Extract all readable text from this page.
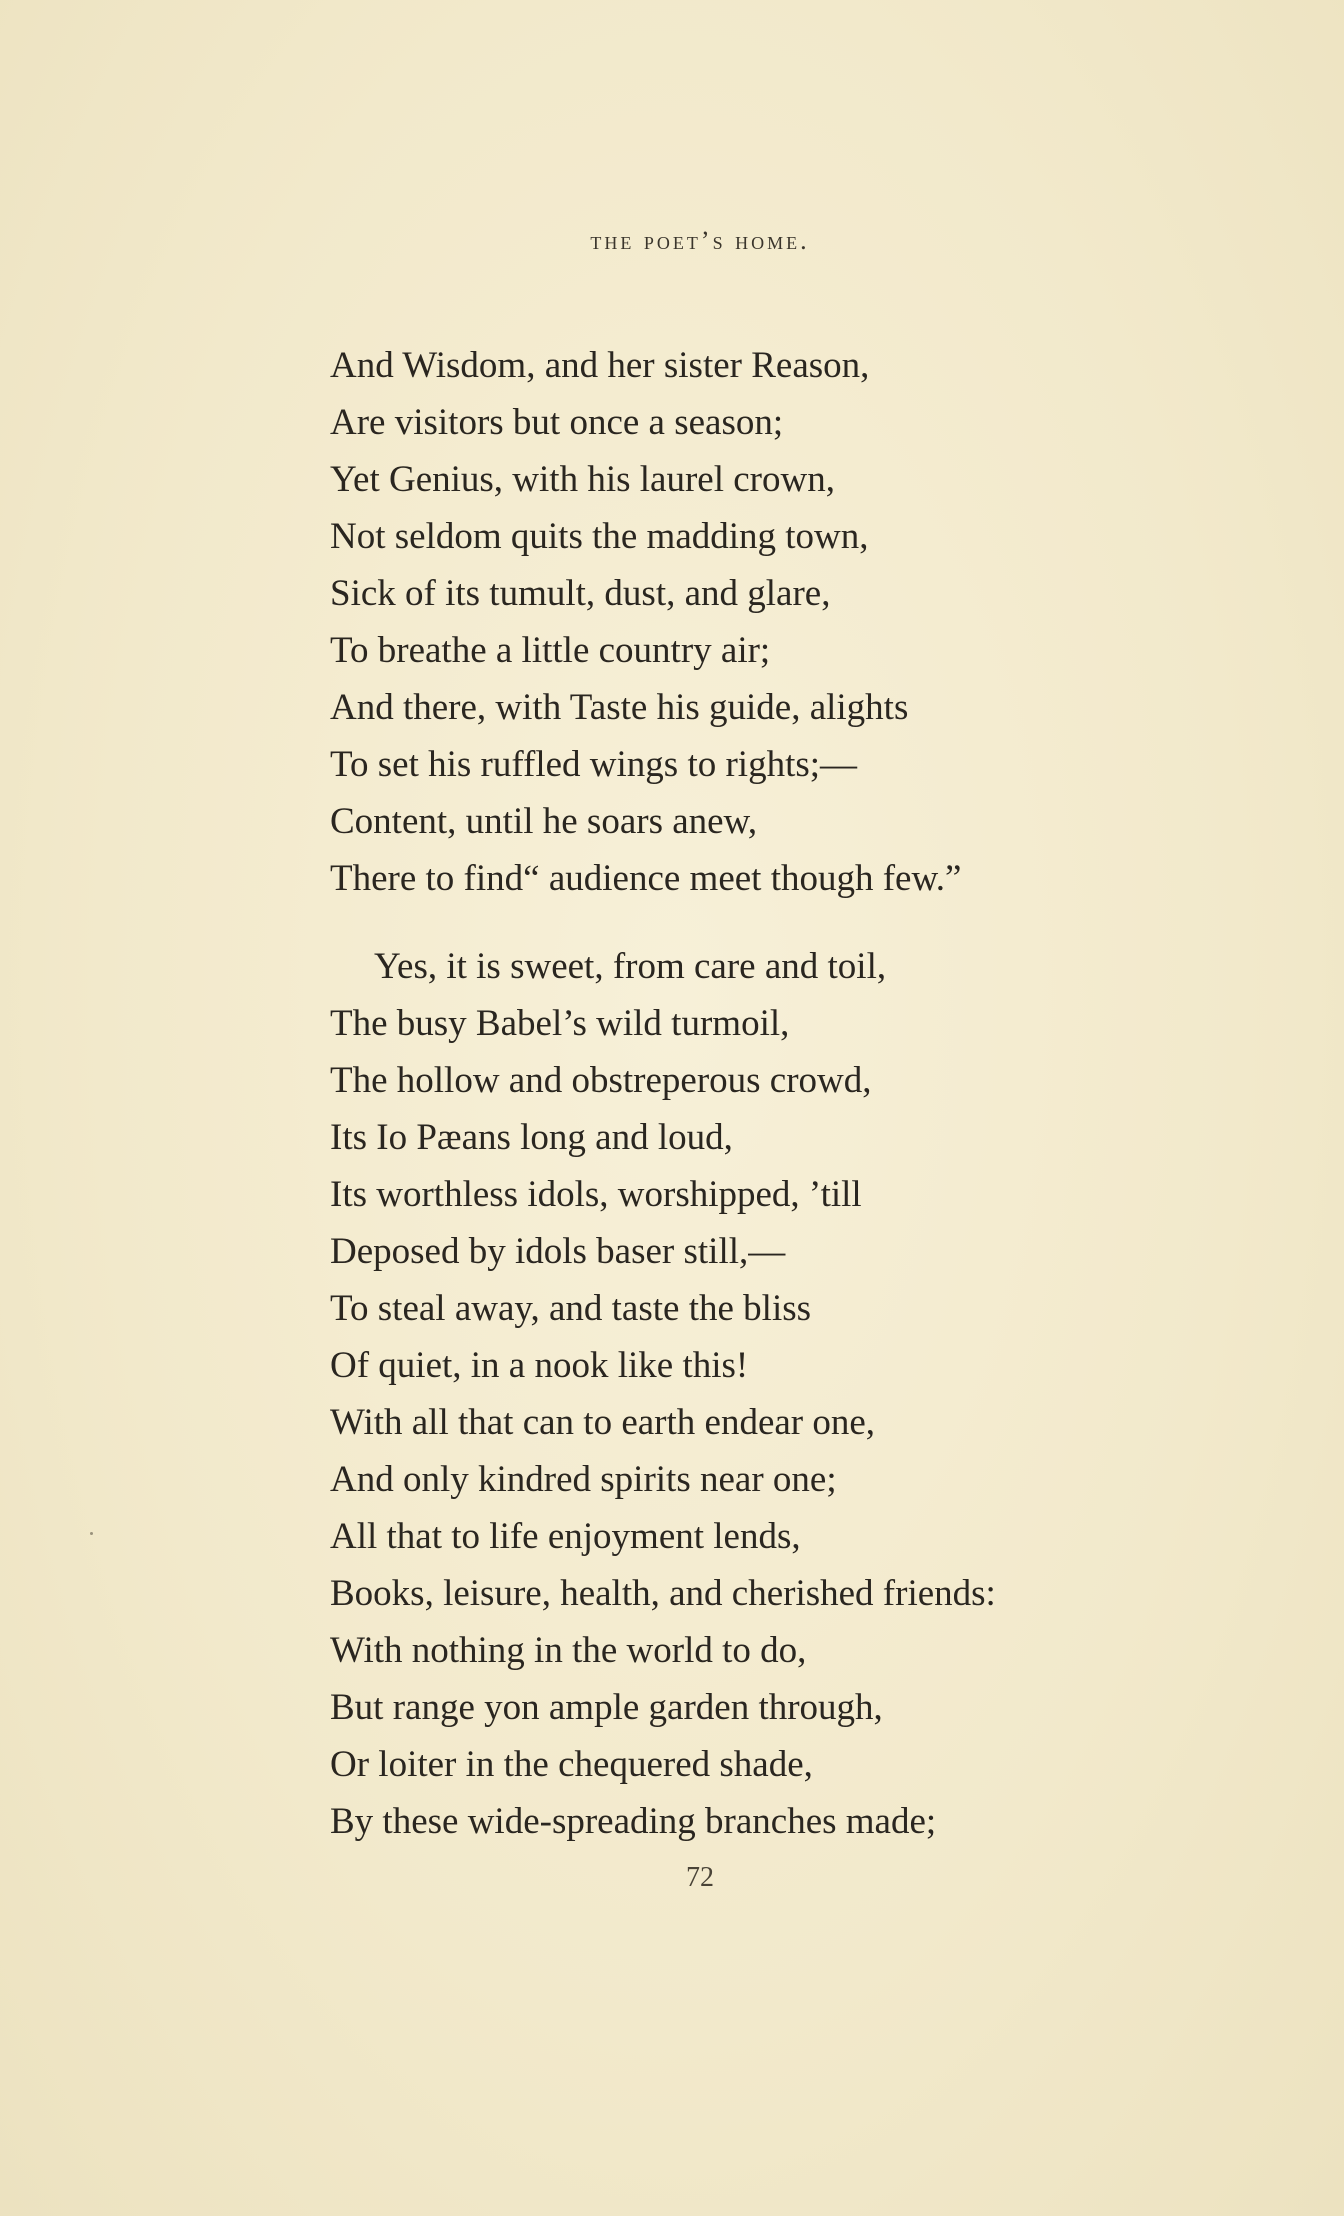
the poet’s home.
And Wisdom, and her sister Reason,
Are visitors but once a season;
Yet Genius, with his laurel crown,
Not seldom quits the madding town,
Sick of its tumult, dust, and glare,
To breathe a little country air;
And there, with Taste his guide, alights
To set his ruffled wings to rights;—
Content, until he soars anew,
There to find“ audience meet though few.”
Yes, it is sweet, from care and toil,
The busy Babel’s wild turmoil,
The hollow and obstreperous crowd,
Its Io Pæans long and loud,
Its worthless idols, worshipped, ’till
Deposed by idols baser still,—
To steal away, and taste the bliss
Of quiet, in a nook like this!
With all that can to earth endear one,
And only kindred spirits near one;
All that to life enjoyment lends,
Books, leisure, health, and cherished friends:
With nothing in the world to do,
But range yon ample garden through,
Or loiter in the chequered shade,
By these wide-spreading branches made;
72
